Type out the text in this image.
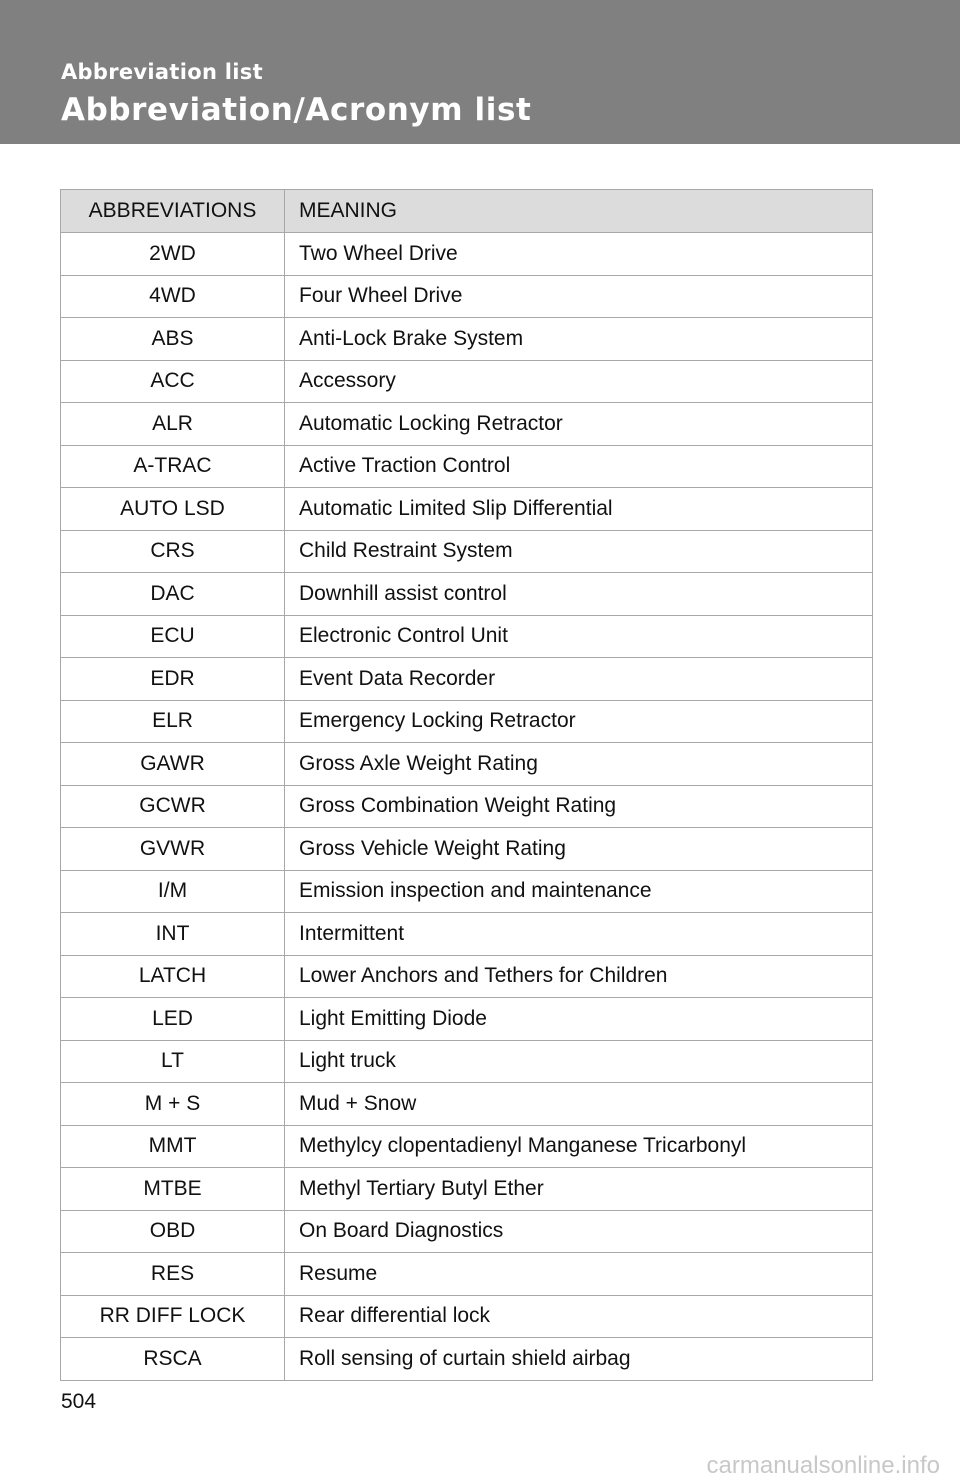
Abbreviation list
Abbreviation/Acronym list
ABBREVIATIONS	MEANING
2WD	Two Wheel Drive
4WD	Four Wheel Drive
ABS	Anti-Lock Brake System
ACC	Accessory
ALR	Automatic Locking Retractor
A-TRAC	Active Traction Control
AUTO LSD	Automatic Limited Slip Differential
CRS	Child Restraint System
DAC	Downhill assist control
ECU	Electronic Control Unit
EDR	Event Data Recorder
ELR	Emergency Locking Retractor
GAWR	Gross Axle Weight Rating
GCWR	Gross Combination Weight Rating
GVWR	Gross Vehicle Weight Rating
I/M	Emission inspection and maintenance
INT	Intermittent
LATCH	Lower Anchors and Tethers for Children
LED	Light Emitting Diode
LT	Light truck
M + S	Mud + Snow
MMT	Methylcy clopentadienyl Manganese Tricarbonyl
MTBE	Methyl Tertiary Butyl Ether
OBD	On Board Diagnostics
RES	Resume
RR DIFF LOCK	Rear differential lock
RSCA	Roll sensing of curtain shield airbag
504
carmanualsonline.info
